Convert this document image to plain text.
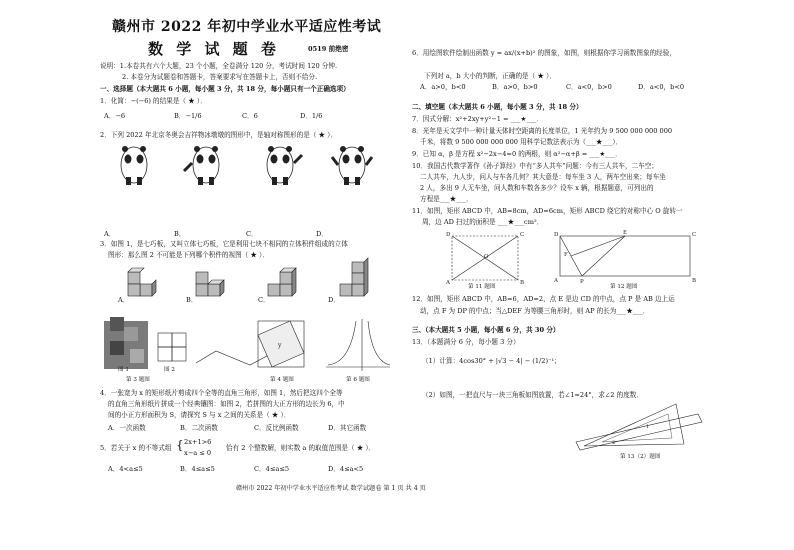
赣州市 2022 年初中学业水平适应性考试
数 学 试 题 卷	0519 前绝密
说明：1.本卷共有六个大题，23 个小题，全卷满分 120 分，考试时间 120 分钟.
2. 本卷分为试题卷和答题卡，答案要求写在答题卡上，否则不给分.
一、选择题（本大题共 6 小题，每小题 3 分，共 18 分，每小题只有一个正确选项）
1．化简：−(−6) 的结果是（ ★ ）．
A．−6	B．−1/6	C．6	D．1/6
2．下列 2022 年北京冬奥会吉祥物冰墩墩的图形中，是轴对称图形的是（ ★ ）．
A．	B．	C．	D．
3．如图 1，是七巧板，又叫立体七巧板，它是利用七块不相同的立体积件组成的立体
图形：那么图 2 不可能是下列哪个积件的视图（ ★ ）．
A．	B．	C．	D．
y
图 1	图 2
第 3 题图	第 4 题图	第 6 题图
4．一张宽为 x 的矩形纸片剪成四个全等的直角三角形，如图 1，然后把这四个全等
的直角三角形纸片拼成一个经典镶图：如图 2，若拼图的大正方形的边长为 6，中
间的小正方形面积为 S，请探究 S 与 x 之间的关系是（ ★ ）．
A．一次函数	B．二次函数	C．反比例函数	D．其它函数
5．若关于 x 的不等式组 { 2x+1>6
x−a ≤ 0
恰有 2 个整数解，则实数 a 的取值范围是（ ★ ）．
A．4<a≤5	B．4≤a≤5	C．4≤a≤5	D．4≤a<5
6．用绘图软件绘制出函数 y = ax/(x+b)² 的图象，如图，则根据你学习函数图象的经验，
下列对 a，b 大小的判断，正确的是（ ★ ）．
A．a>0，b<0	B．a>0，b>0	C．a<0，b>0	D．a<0，b<0
二、填空题（本大题共 6 小题，每小题 3 分，共 18 分）
7．因式分解：x²+2xy+y²−1 = ___★___．
8．光年是天文学中一种计量天体时空距离的长度单位，1 光年约为 9 500 000 000 000
千米，将数 9 500 000 000 000 用科学记数法表示为（___★___）．
9．已知 α，β 是方程 x²−2x−4=0 的两根，则 α²−α+β = ___★___．
10．我国古代数学著作《孙子算经》中有“多人共车”问题：今有三人共车，二车空；
二人共车，九人步，问人与车各几何？其大意是：每车坐 3 人，两车空出来；每车坐
2 人，多出 9 人无车坐，问人数和车数各多少？设车 x 辆，根据题意，可列出的
方程是___★___．
11．如图，矩形 ABCD 中，AB=8cm，AD=6cm，矩形 ABCD 绕它的对称中心 O 旋转一
周，边 AD 扫过的面积是 ___★___cm²．
O
D	C
A	B
D	E	C
F
A	P	B
第 11 题图	第 12 题图
12．如图，矩形 ABCD 中，AB=6，AD=2，点 E 是边 CD 的中点，点 P 是 AB 边上运
动，点 F 为 DP 的中点；当△DEF 为等腰三角形时，则 AP 的长为___★___．
三、（本大题共 5 小题，每小题 6 分，共 30 分）
13．（本题满分 6 分，每小题 3 分）
（1）计算：4cos30° + |√3 − 4| − (1/2)⁻¹；
（2）如图，一把直尺与一块三角板如图放置，若∠1=24°，求∠2 的度数．
1
2
第 13（2）题图
赣州市 2022 年初中学业水平适应性考试 数学试题卷 第 1 页 共 4 页
